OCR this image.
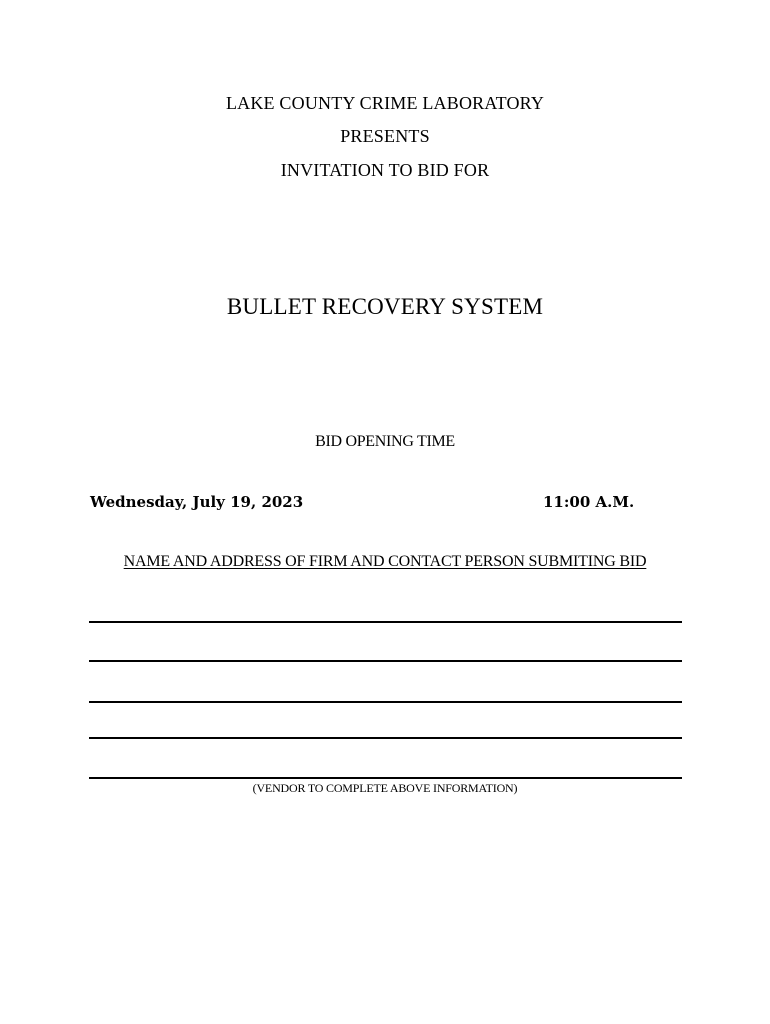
LAKE COUNTY CRIME LABORATORY
PRESENTS
INVITATION TO BID FOR
BULLET RECOVERY SYSTEM
BID OPENING TIME
Wednesday, July 19, 2023	11:00 A.M.
NAME AND ADDRESS OF FIRM AND CONTACT PERSON SUBMITING BID
(VENDOR TO COMPLETE ABOVE INFORMATION)
